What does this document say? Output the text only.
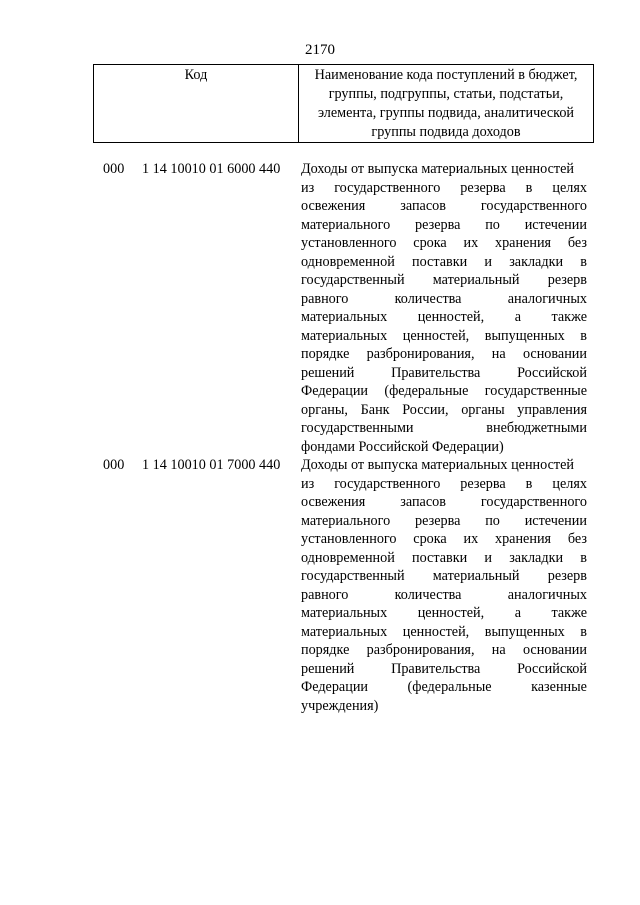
2170
Код	Наименование кода поступлений в бюджет,
группы, подгруппы, статьи, подстатьи,
элемента, группы подвида, аналитической
группы подвида доходов
000 1 14 10010 01 6000 440 Доходы от выпуска материальных ценностей
из государственного резерва в целях
освежения запасов государственного
материального резерва по истечении
установленного срока их хранения без
одновременной поставки и закладки в
государственный материальный резерв
равного	количества	аналогичных
материальных ценностей, а также
материальных ценностей, выпущенных в
порядке разбронирования, на основании
решений	Правительства	Российской
Федерации (федеральные государственные
органы, Банк России, органы управления
государственными	внебюджетными
фондами Российской Федерации)
000 1 14 10010 01 7000 440 Доходы от выпуска материальных ценностей
из государственного резерва в целях
освежения запасов государственного
материального резерва по истечении
установленного срока их хранения без
одновременной поставки и закладки в
государственный материальный резерв
равного	количества	аналогичных
материальных ценностей, а также
материальных ценностей, выпущенных в
порядке разбронирования, на основании
решений	Правительства	Российской
Федерации	(федеральные	казенные
учреждения)
